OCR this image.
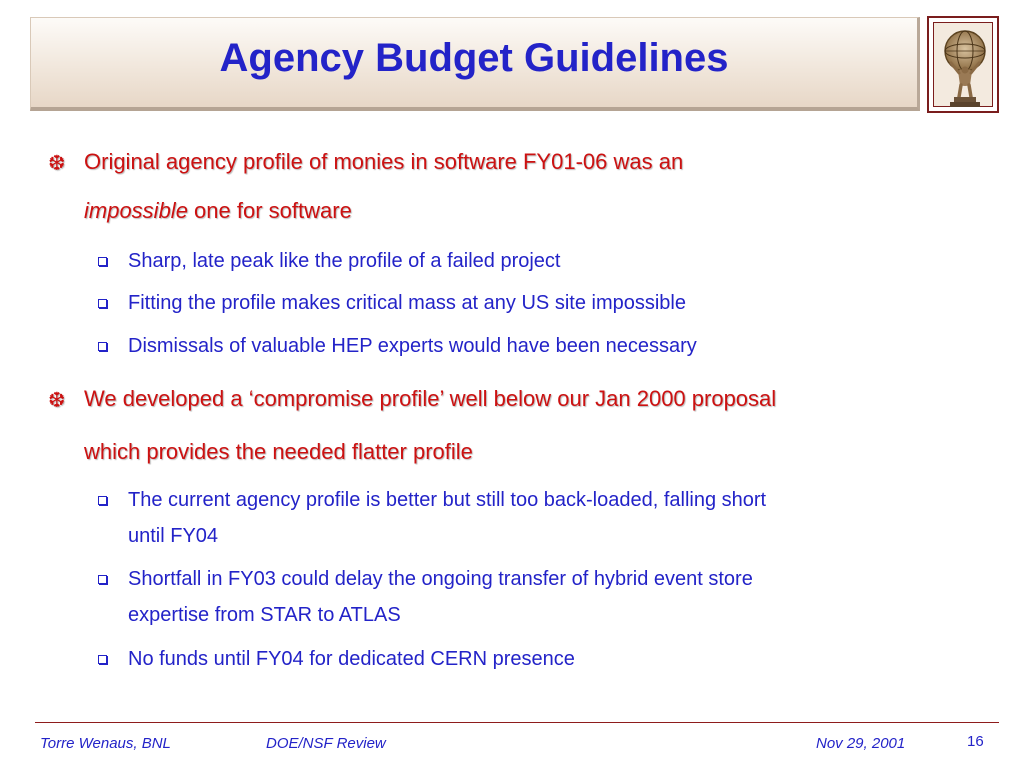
Agency Budget Guidelines
❆ Original agency profile of monies in software FY01-06 was an
impossible one for software
Sharp, late peak like the profile of a failed project
Fitting the profile makes critical mass at any US site impossible
Dismissals of valuable HEP experts would have been necessary
❆ We developed a ‘compromise profile’ well below our Jan 2000 proposal
which provides the needed flatter profile
The current agency profile is better but still too back-loaded, falling short
until FY04
Shortfall in FY03 could delay the ongoing transfer of hybrid event store
expertise from STAR to ATLAS
No funds until FY04 for dedicated CERN presence
Torre Wenaus, BNL	DOE/NSF Review	Nov 29, 2001	16
